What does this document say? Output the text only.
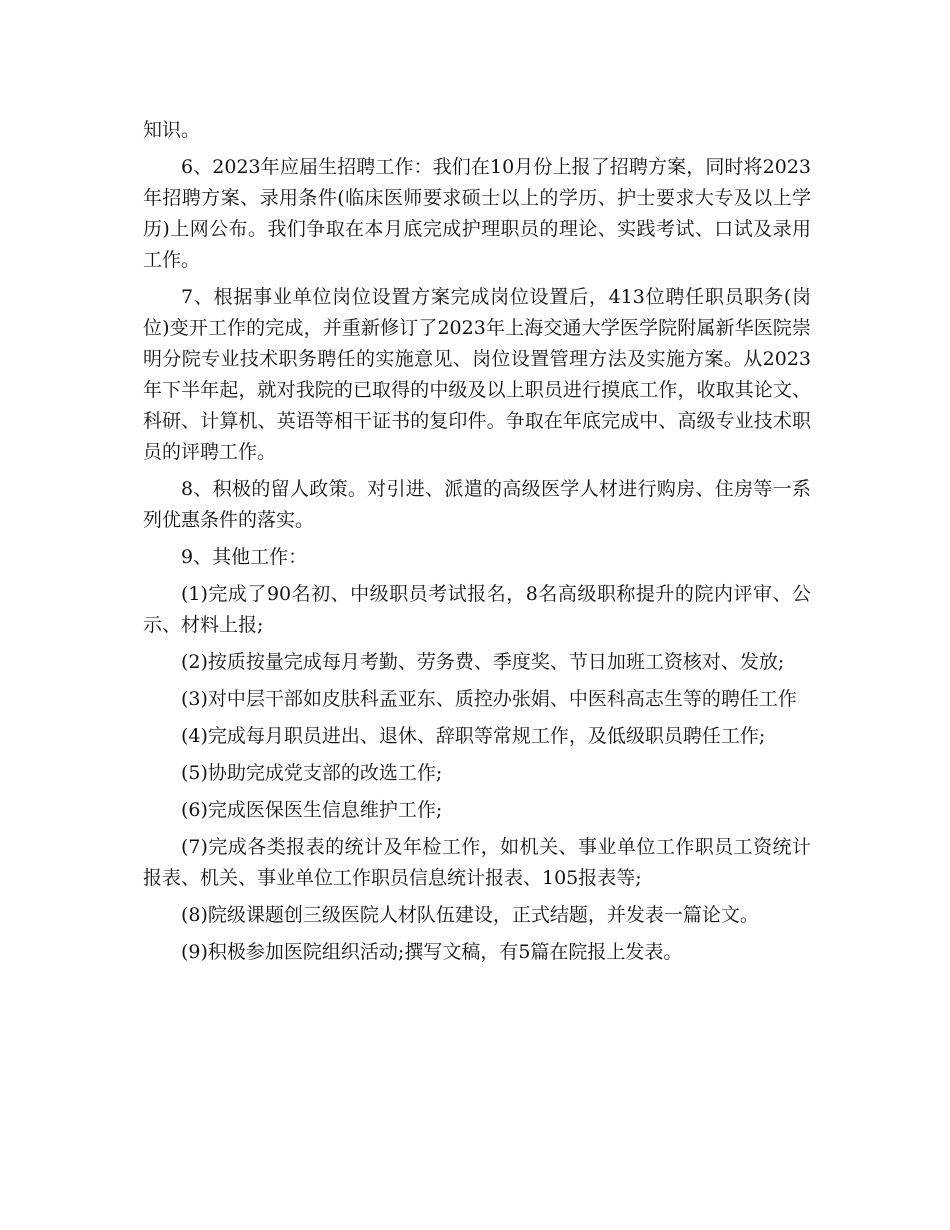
知识。

6、2023年应届生招聘工作：我们在10月份上报了招聘方案，同时将2023年招聘方案、录用条件(临床医师要求硕士以上的学历、护士要求大专及以上学历)上网公布。我们争取在本月底完成护理职员的理论、实践考试、口试及录用工作。

7、根据事业单位岗位设置方案完成岗位设置后，413位聘任职员职务(岗位)变开工作的完成，并重新修订了2023年上海交通大学医学院附属新华医院崇明分院专业技术职务聘任的实施意见、岗位设置管理方法及实施方案。从2023年下半年起，就对我院的已取得的中级及以上职员进行摸底工作，收取其论文、科研、计算机、英语等相干证书的复印件。争取在年底完成中、高级专业技术职员的评聘工作。

8、积极的留人政策。对引进、派遣的高级医学人材进行购房、住房等一系列优惠条件的落实。

9、其他工作：

(1)完成了90名初、中级职员考试报名，8名高级职称提升的院内评审、公示、材料上报;

(2)按质按量完成每月考勤、劳务费、季度奖、节日加班工资核对、发放;

(3)对中层干部如皮肤科孟亚东、质控办张娟、中医科高志生等的聘任工作

(4)完成每月职员进出、退休、辞职等常规工作，及低级职员聘任工作;

(5)协助完成党支部的改选工作;

(6)完成医保医生信息维护工作;

(7)完成各类报表的统计及年检工作，如机关、事业单位工作职员工资统计报表、机关、事业单位工作职员信息统计报表、105报表等;

(8)院级课题创三级医院人材队伍建设，正式结题，并发表一篇论文。

(9)积极参加医院组织活动;撰写文稿，有5篇在院报上发表。
